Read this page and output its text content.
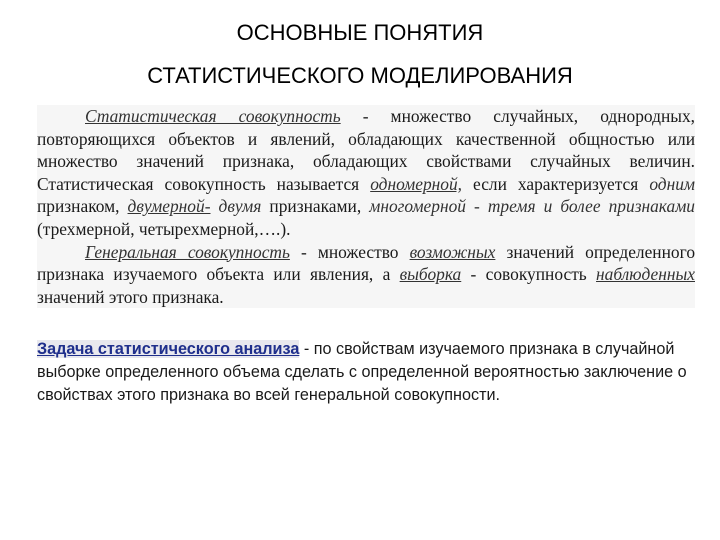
ОСНОВНЫЕ ПОНЯТИЯ
СТАТИСТИЧЕСКОГО МОДЕЛИРОВАНИЯ

Статистическая совокупность - множество случайных, однородных, повторяющихся объектов и явлений, обладающих качественной общностью или множество значений признака, обладающих свойствами случайных величин. Статистическая совокупность называется одномерной, если характеризуется одним признаком, двумерной- двумя признаками, многомерной - тремя и более признаками (трехмерной, четырехмерной,….).

Генеральная совокупность - множество возможных значений определенного признака изучаемого объекта или явления, а выборка - совокупность наблюденных значений этого признака.

Задача статистического анализа - по свойствам изучаемого признака в случайной выборке определенного объема сделать с определенной вероятностью заключение о свойствах этого признака во всей генеральной совокупности.
